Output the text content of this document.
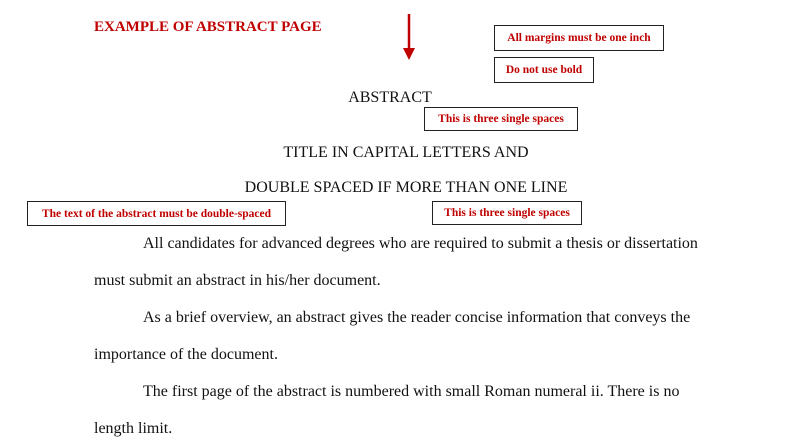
EXAMPLE OF ABSTRACT PAGE
All margins must be one inch
Do not use bold
ABSTRACT
This is three single spaces
TITLE IN CAPITAL LETTERS AND
DOUBLE SPACED IF MORE THAN ONE LINE
The text of the abstract must be double-spaced	This is three single spaces
All candidates for advanced degrees who are required to submit a thesis or dissertation
must submit an abstract in his/her document.
As a brief overview, an abstract gives the reader concise information that conveys the
importance of the document.
The first page of the abstract is numbered with small Roman numeral ii. There is no
length limit.
